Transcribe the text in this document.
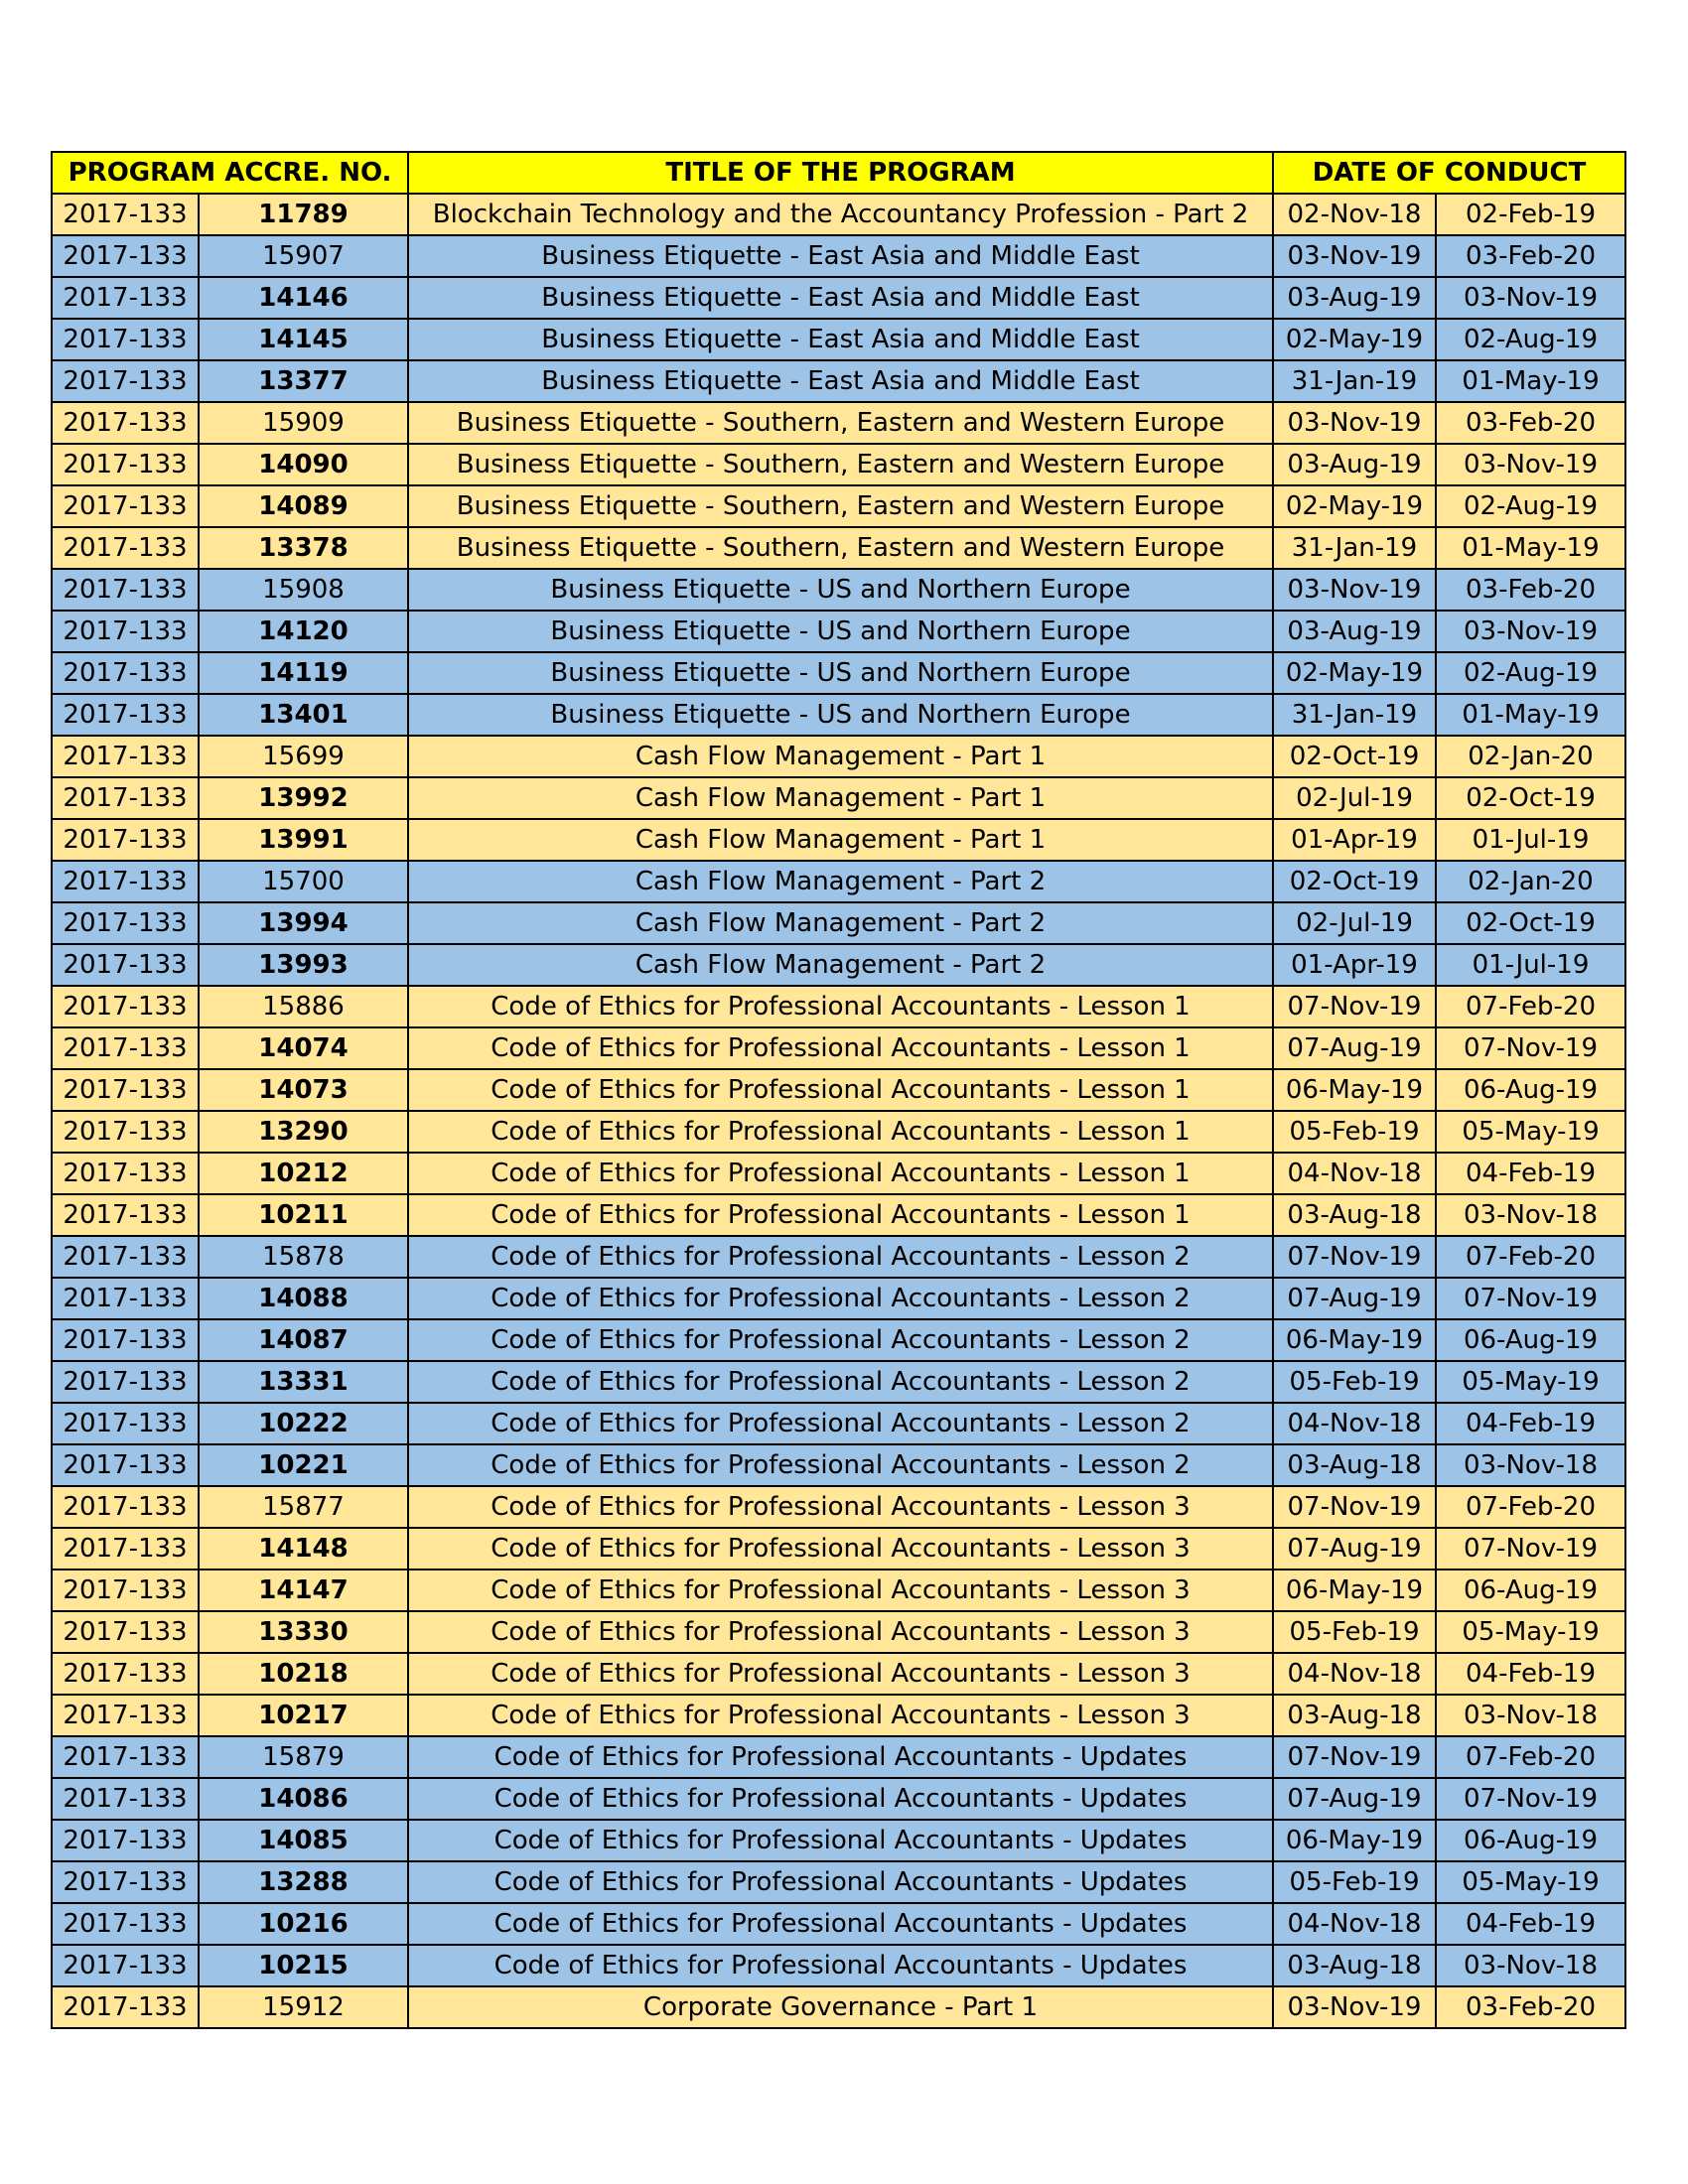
PROGRAM ACCRE. NO.		TITLE OF THE PROGRAM	DATE OF CONDUCT	
2017-133	11789	Blockchain Technology and the Accountancy Profession - Part 2	02-Nov-18	02-Feb-19
2017-133	15907	Business Etiquette - East Asia and Middle East	03-Nov-19	03-Feb-20
2017-133	14146	Business Etiquette - East Asia and Middle East	03-Aug-19	03-Nov-19
2017-133	14145	Business Etiquette - East Asia and Middle East	02-May-19	02-Aug-19
2017-133	13377	Business Etiquette - East Asia and Middle East	31-Jan-19	01-May-19
2017-133	15909	Business Etiquette - Southern, Eastern and Western Europe	03-Nov-19	03-Feb-20
2017-133	14090	Business Etiquette - Southern, Eastern and Western Europe	03-Aug-19	03-Nov-19
2017-133	14089	Business Etiquette - Southern, Eastern and Western Europe	02-May-19	02-Aug-19
2017-133	13378	Business Etiquette - Southern, Eastern and Western Europe	31-Jan-19	01-May-19
2017-133	15908	Business Etiquette - US and Northern Europe	03-Nov-19	03-Feb-20
2017-133	14120	Business Etiquette - US and Northern Europe	03-Aug-19	03-Nov-19
2017-133	14119	Business Etiquette - US and Northern Europe	02-May-19	02-Aug-19
2017-133	13401	Business Etiquette - US and Northern Europe	31-Jan-19	01-May-19
2017-133	15699	Cash Flow Management - Part 1	02-Oct-19	02-Jan-20
2017-133	13992	Cash Flow Management - Part 1	02-Jul-19	02-Oct-19
2017-133	13991	Cash Flow Management - Part 1	01-Apr-19	01-Jul-19
2017-133	15700	Cash Flow Management - Part 2	02-Oct-19	02-Jan-20
2017-133	13994	Cash Flow Management - Part 2	02-Jul-19	02-Oct-19
2017-133	13993	Cash Flow Management - Part 2	01-Apr-19	01-Jul-19
2017-133	15886	Code of Ethics for Professional Accountants - Lesson 1	07-Nov-19	07-Feb-20
2017-133	14074	Code of Ethics for Professional Accountants - Lesson 1	07-Aug-19	07-Nov-19
2017-133	14073	Code of Ethics for Professional Accountants - Lesson 1	06-May-19	06-Aug-19
2017-133	13290	Code of Ethics for Professional Accountants - Lesson 1	05-Feb-19	05-May-19
2017-133	10212	Code of Ethics for Professional Accountants - Lesson 1	04-Nov-18	04-Feb-19
2017-133	10211	Code of Ethics for Professional Accountants - Lesson 1	03-Aug-18	03-Nov-18
2017-133	15878	Code of Ethics for Professional Accountants - Lesson 2	07-Nov-19	07-Feb-20
2017-133	14088	Code of Ethics for Professional Accountants - Lesson 2	07-Aug-19	07-Nov-19
2017-133	14087	Code of Ethics for Professional Accountants - Lesson 2	06-May-19	06-Aug-19
2017-133	13331	Code of Ethics for Professional Accountants - Lesson 2	05-Feb-19	05-May-19
2017-133	10222	Code of Ethics for Professional Accountants - Lesson 2	04-Nov-18	04-Feb-19
2017-133	10221	Code of Ethics for Professional Accountants - Lesson 2	03-Aug-18	03-Nov-18
2017-133	15877	Code of Ethics for Professional Accountants - Lesson 3	07-Nov-19	07-Feb-20
2017-133	14148	Code of Ethics for Professional Accountants - Lesson 3	07-Aug-19	07-Nov-19
2017-133	14147	Code of Ethics for Professional Accountants - Lesson 3	06-May-19	06-Aug-19
2017-133	13330	Code of Ethics for Professional Accountants - Lesson 3	05-Feb-19	05-May-19
2017-133	10218	Code of Ethics for Professional Accountants - Lesson 3	04-Nov-18	04-Feb-19
2017-133	10217	Code of Ethics for Professional Accountants - Lesson 3	03-Aug-18	03-Nov-18
2017-133	15879	Code of Ethics for Professional Accountants - Updates	07-Nov-19	07-Feb-20
2017-133	14086	Code of Ethics for Professional Accountants - Updates	07-Aug-19	07-Nov-19
2017-133	14085	Code of Ethics for Professional Accountants - Updates	06-May-19	06-Aug-19
2017-133	13288	Code of Ethics for Professional Accountants - Updates	05-Feb-19	05-May-19
2017-133	10216	Code of Ethics for Professional Accountants - Updates	04-Nov-18	04-Feb-19
2017-133	10215	Code of Ethics for Professional Accountants - Updates	03-Aug-18	03-Nov-18
2017-133	15912	Corporate Governance - Part 1	03-Nov-19	03-Feb-20
